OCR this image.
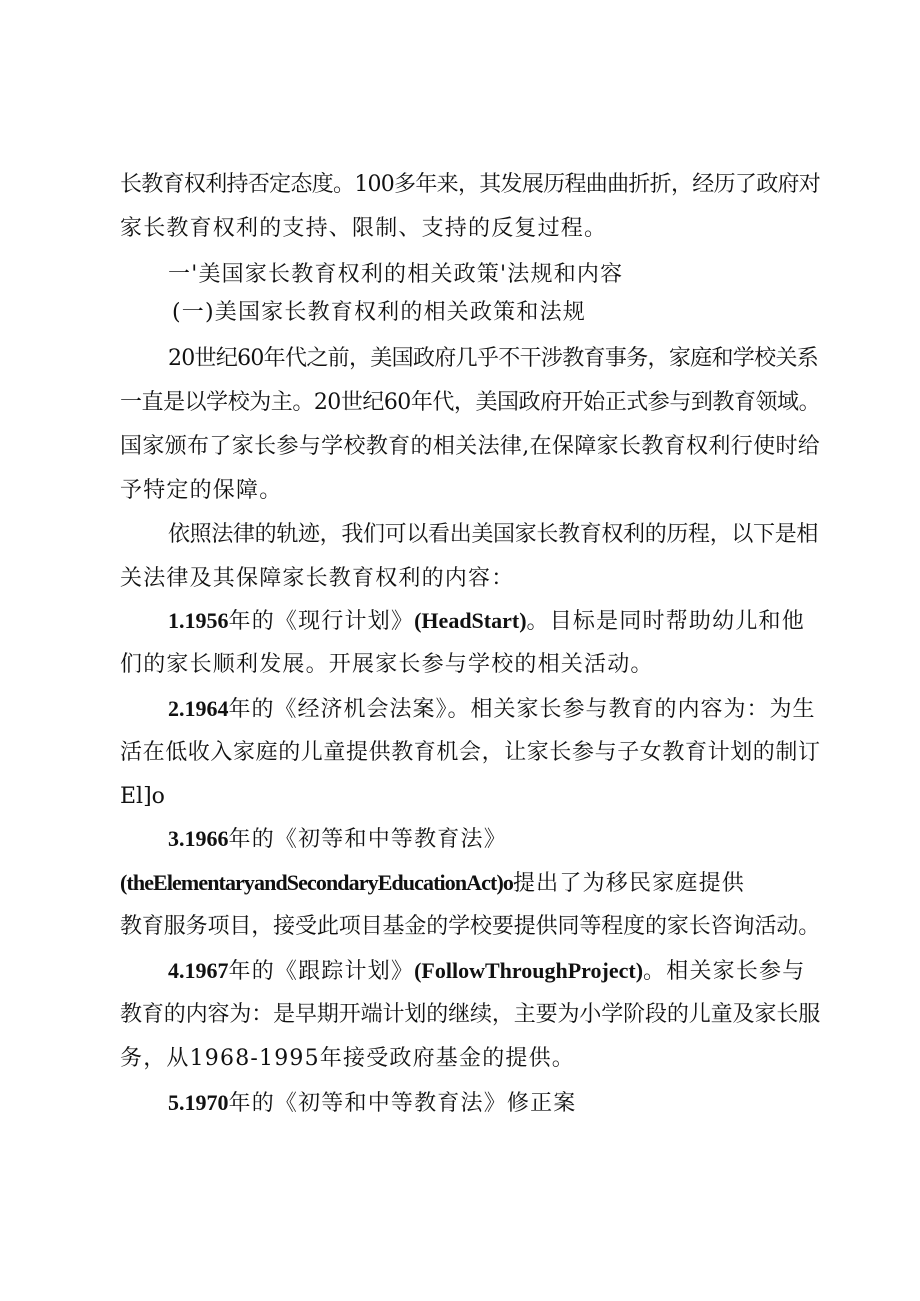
长教育权利持否定态度。100多年来，其发展历程曲曲折折，经历了政府对
家长教育权利的支持、限制、支持的反复过程。
一'美国家长教育权利的相关政策'法规和内容
(一)美国家长教育权利的相关政策和法规
20世纪60年代之前，美国政府几乎不干涉教育事务，家庭和学校关系
一直是以学校为主。20世纪60年代，美国政府开始正式参与到教育领域。
国家颁布了家长参与学校教育的相关法律,在保障家长教育权利行使时给
予特定的保障。
依照法律的轨迹，我们可以看出美国家长教育权利的历程，以下是相
关法律及其保障家长教育权利的内容：
1.1956年的《现行计划》(HeadStart)。目标是同时帮助幼儿和他
们的家长顺利发展。开展家长参与学校的相关活动。
2.1964年的《经济机会法案》。相关家长参与教育的内容为：为生
活在低收入家庭的儿童提供教育机会，让家长参与子女教育计划的制订
El]o
3.1966年的《初等和中等教育法》
(theElementaryandSecondaryEducationAct)o提出了为移民家庭提供
教育服务项目，接受此项目基金的学校要提供同等程度的家长咨询活动。
4.1967年的《跟踪计划》(FollowThroughProject)。相关家长参与
教育的内容为：是早期开端计划的继续，主要为小学阶段的儿童及家长服
务，从1968-1995年接受政府基金的提供。
5.1970年的《初等和中等教育法》修正案
